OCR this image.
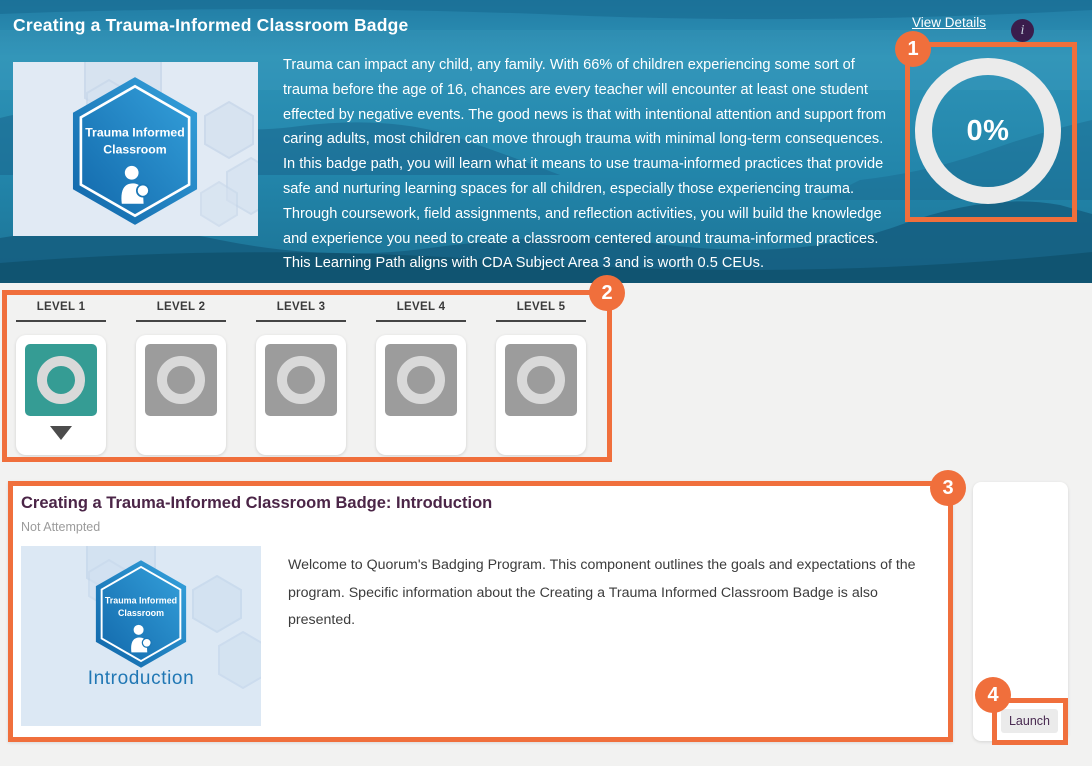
Creating a Trauma-Informed Classroom Badge	View Details	i
Trauma Informed
Classroom

Trauma can impact any child, any family. With 66% of children experiencing some sort of trauma before the age of 16, chances are every teacher will encounter at least one student effected by negative events. The good news is that with intentional attention and support from caring adults, most children can move through trauma with minimal long-term consequences. In this badge path, you will learn what it means to use trauma-informed practices that provide safe and nurturing learning spaces for all children, especially those experiencing trauma. Through coursework, field assignments, and reflection activities, you will build the knowledge and experience you need to create a classroom centered around trauma-informed practices. This Learning Path aligns with CDA Subject Area 3 and is worth 0.5 CEUs.

0%
LEVEL 1	LEVEL 2	LEVEL 3	LEVEL 4	LEVEL 5
Creating a Trauma-Informed Classroom Badge: Introduction
Not Attempted
Trauma Informed
Classroom
Introduction

Welcome to Quorum's Badging Program. This component outlines the goals and expectations of the program. Specific information about the Creating a Trauma Informed Classroom Badge is also presented.

Launch
1
2
3
4
